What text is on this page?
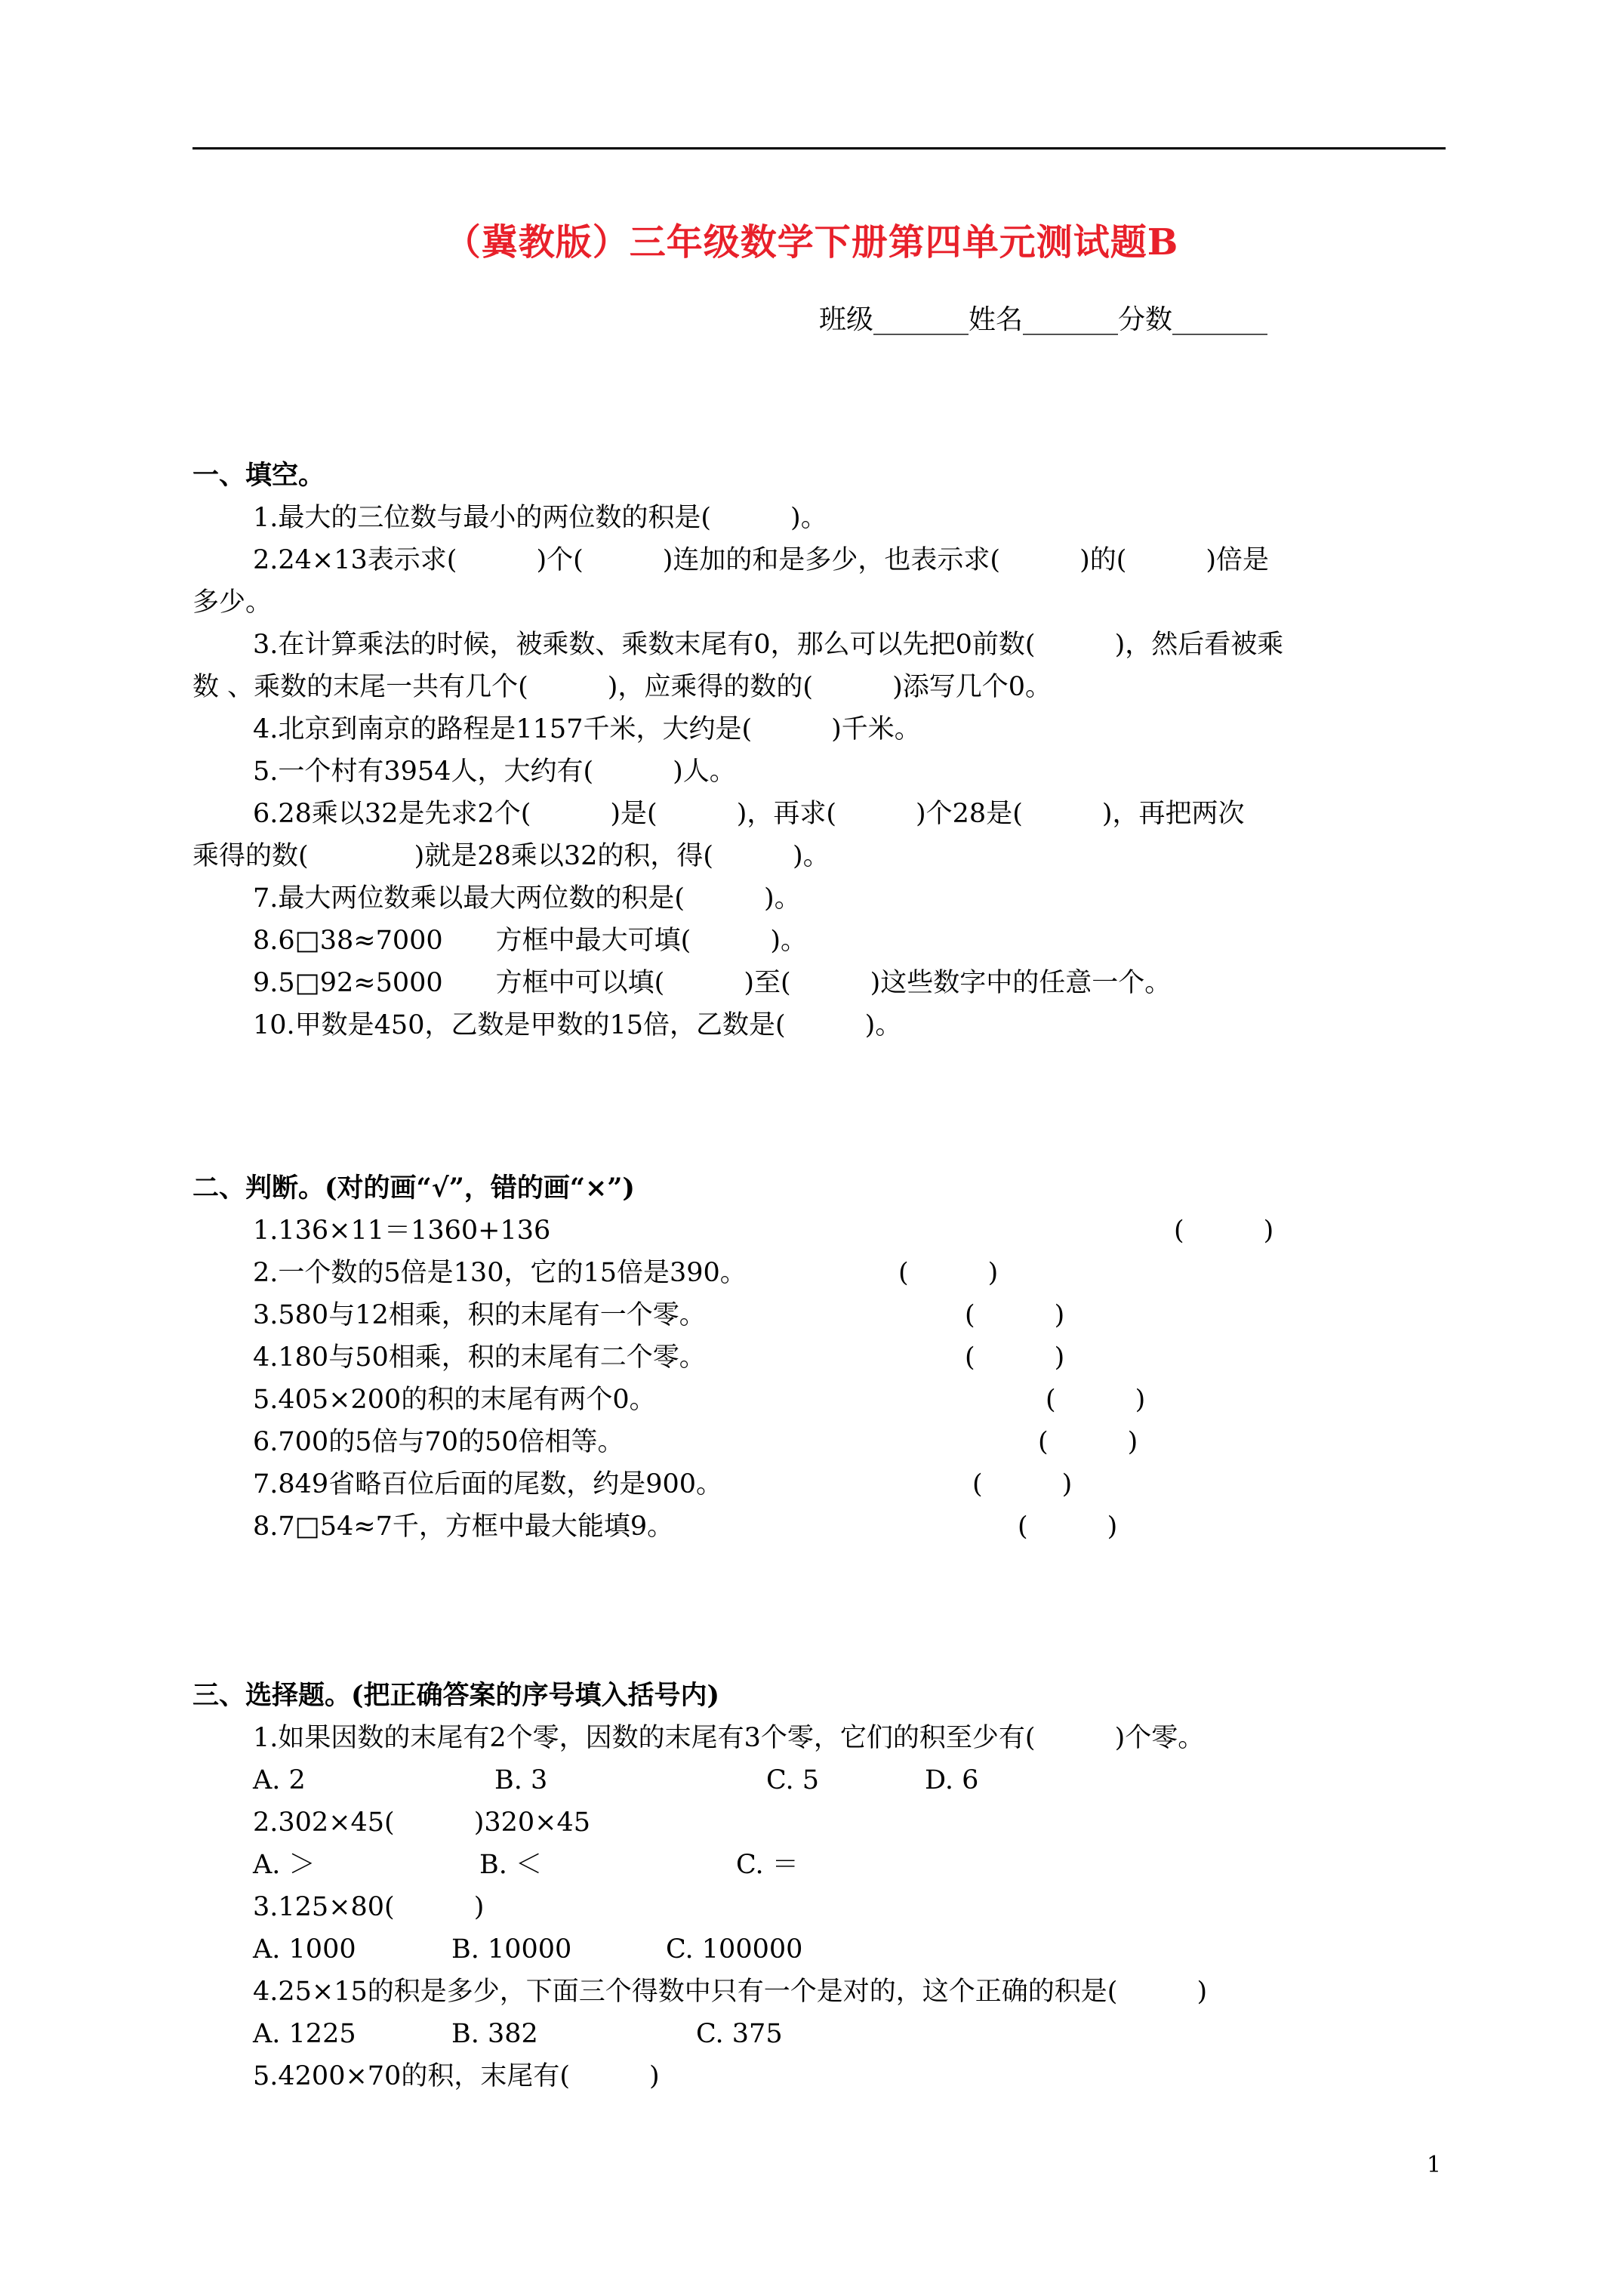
（冀教版）三年级数学下册第四单元测试题B
班级_______姓名_______分数_______
一、填空。
1.最大的三位数与最小的两位数的积是(　　　)。
2.24×13表示求(　　　)个(　　　)连加的和是多少，也表示求(　　　)的(　　　)倍是
多少。
3.在计算乘法的时候，被乘数、乘数末尾有0，那么可以先把0前数(　　　)，然后看被乘
数 、乘数的末尾一共有几个(　　　)，应乘得的数的(　　　)添写几个0。
4.北京到南京的路程是1157千米，大约是(　　　)千米。
5.一个村有3954人，大约有(　　　)人。
6.28乘以32是先求2个(　　　)是(　　　)，再求(　　　)个28是(　　　)，再把两次
乘得的数(　　　　)就是28乘以32的积，得(　　　)。
7.最大两位数乘以最大两位数的积是(　　　)。
8.6□38≈7000　　方框中最大可填(　　　)。
9.5□92≈5000　　方框中可以填(　　　)至(　　　)这些数字中的任意一个。
10.甲数是450，乙数是甲数的15倍，乙数是(　　　)。
二、判断。(对的画“√”，错的画“×”)
1.136×11＝1360+136	(　　　)
2.一个数的5倍是130，它的15倍是390。	(　　　)
3.580与12相乘，积的末尾有一个零。	(　　　)
4.180与50相乘，积的末尾有二个零。	(　　　)
5.405×200的积的末尾有两个0。	(　　　)
6.700的5倍与70的50倍相等。	(　　　)
7.849省略百位后面的尾数，约是900。	(　　　)
8.7□54≈7千，方框中最大能填9。	(　　　)
三、选择题。(把正确答案的序号填入括号内)
1.如果因数的末尾有2个零，因数的末尾有3个零，它们的积至少有(　　　)个零。
A. 2	B. 3	C. 5	D. 6
2.302×45(　　　)320×45
A. ＞	B. ＜	C. ＝
3.125×80(　　　)
A. 1000	B. 10000	C. 100000
4.25×15的积是多少，下面三个得数中只有一个是对的，这个正确的积是(　　　)
A. 1225	B. 382	C. 375
5.4200×70的积，末尾有(　　　)
1
